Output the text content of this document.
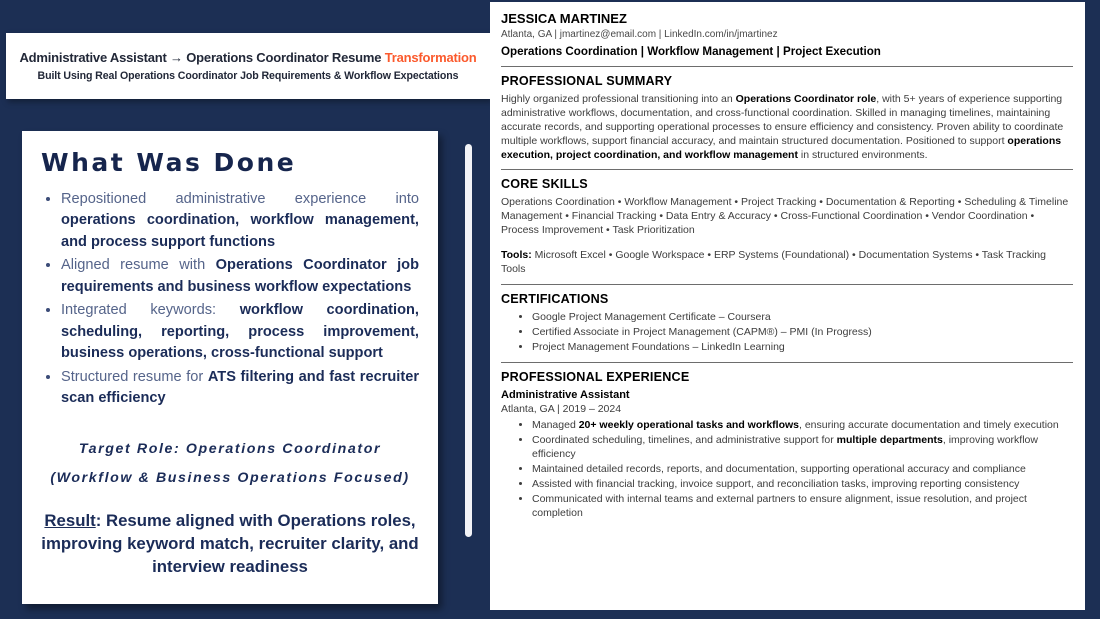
Administrative Assistant → Operations Coordinator Resume Transformation
Built Using Real Operations Coordinator Job Requirements & Workflow Expectations
What Was Done
• Repositioned administrative experience into operations coordination, workflow management, and process support functions
• Aligned resume with Operations Coordinator job requirements and business workflow expectations
• Integrated keywords: workflow coordination, scheduling, reporting, process improvement, business operations, cross-functional support
• Structured resume for ATS filtering and fast recruiter scan efficiency
Target Role: Operations Coordinator (Workflow & Business Operations Focused)
Result: Resume aligned with Operations roles, improving keyword match, recruiter clarity, and interview readiness
JESSICA MARTINEZ
Atlanta, GA | jmartinez@email.com | LinkedIn.com/in/jmartinez
Operations Coordination | Workflow Management | Project Execution
PROFESSIONAL SUMMARY

Highly organized professional transitioning into an Operations Coordinator role, with 5+ years of experience supporting administrative workflows, documentation, and cross-functional coordination. Skilled in managing timelines, maintaining accurate records, and supporting operational processes to ensure efficiency and consistency. Proven ability to coordinate multiple workflows, support financial accuracy, and maintain structured documentation. Positioned to support operations execution, project coordination, and workflow management in structured environments.

CORE SKILLS

Operations Coordination • Workflow Management • Project Tracking • Documentation & Reporting • Scheduling & Timeline Management • Financial Tracking • Data Entry & Accuracy • Cross-Functional Coordination • Vendor Coordination • Process Improvement • Task Prioritization

Tools: Microsoft Excel • Google Workspace • ERP Systems (Foundational) • Documentation Systems • Task Tracking Tools

CERTIFICATIONS
• Google Project Management Certificate – Coursera
• Certified Associate in Project Management (CAPM®) – PMI (In Progress)
• Project Management Foundations – LinkedIn Learning
PROFESSIONAL EXPERIENCE
Administrative Assistant
Atlanta, GA | 2019 – 2024
• Managed 20+ weekly operational tasks and workflows, ensuring accurate documentation and timely execution
• Coordinated scheduling, timelines, and administrative support for multiple departments, improving workflow efficiency
• Maintained detailed records, reports, and documentation, supporting operational accuracy and compliance
• Assisted with financial tracking, invoice support, and reconciliation tasks, improving reporting consistency
• Communicated with internal teams and external partners to ensure alignment, issue resolution, and project completion
